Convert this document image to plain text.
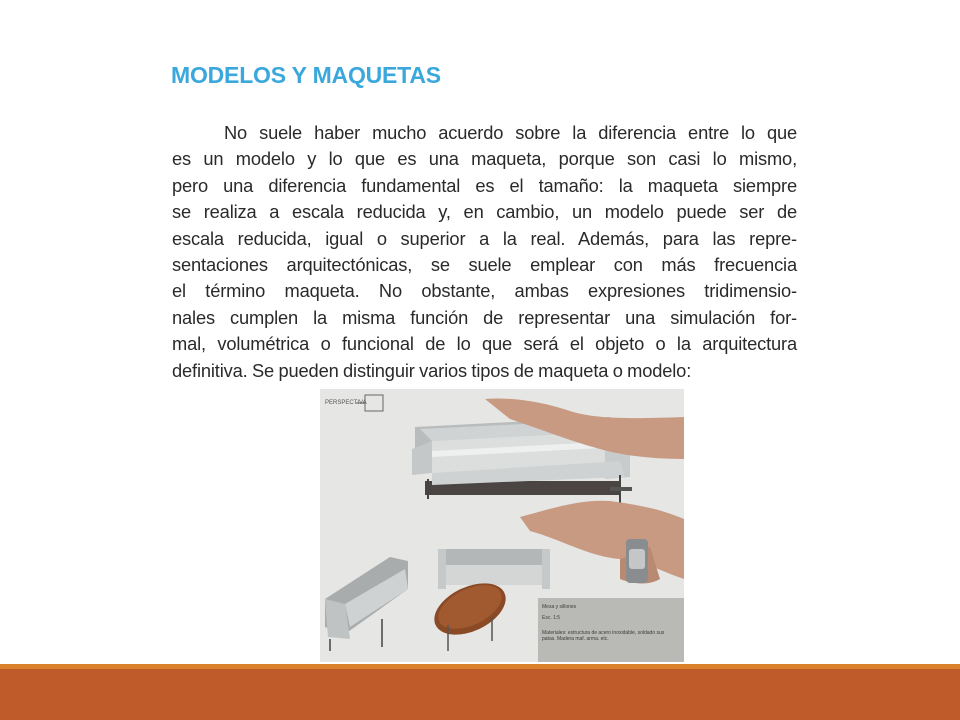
MODELOS Y MAQUETAS
No suele haber mucho acuerdo sobre la diferencia entre lo que
es un modelo y lo que es una maqueta, porque son casi lo mismo,
pero una diferencia fundamental es el tamaño: la maqueta siempre
se realiza a escala reducida y, en cambio, un modelo puede ser de
escala reducida, igual o superior a la real. Además, para las repre-
sentaciones arquitectónicas, se suele emplear con más frecuencia
el término maqueta. No obstante, ambas expresiones tridimensio-
nales cumplen la misma función de representar una simulación for-
mal, volumétrica o funcional de lo que será el objeto o la arquitectura
definitiva. Se pueden distinguir varios tipos de maqueta o modelo:
PERSPECTIVA
Mesa y sillones
Esc. 1:5
Materiales: estructura de acero inoxidable, soldado sus
patas. Madera maf. arma. etc.
